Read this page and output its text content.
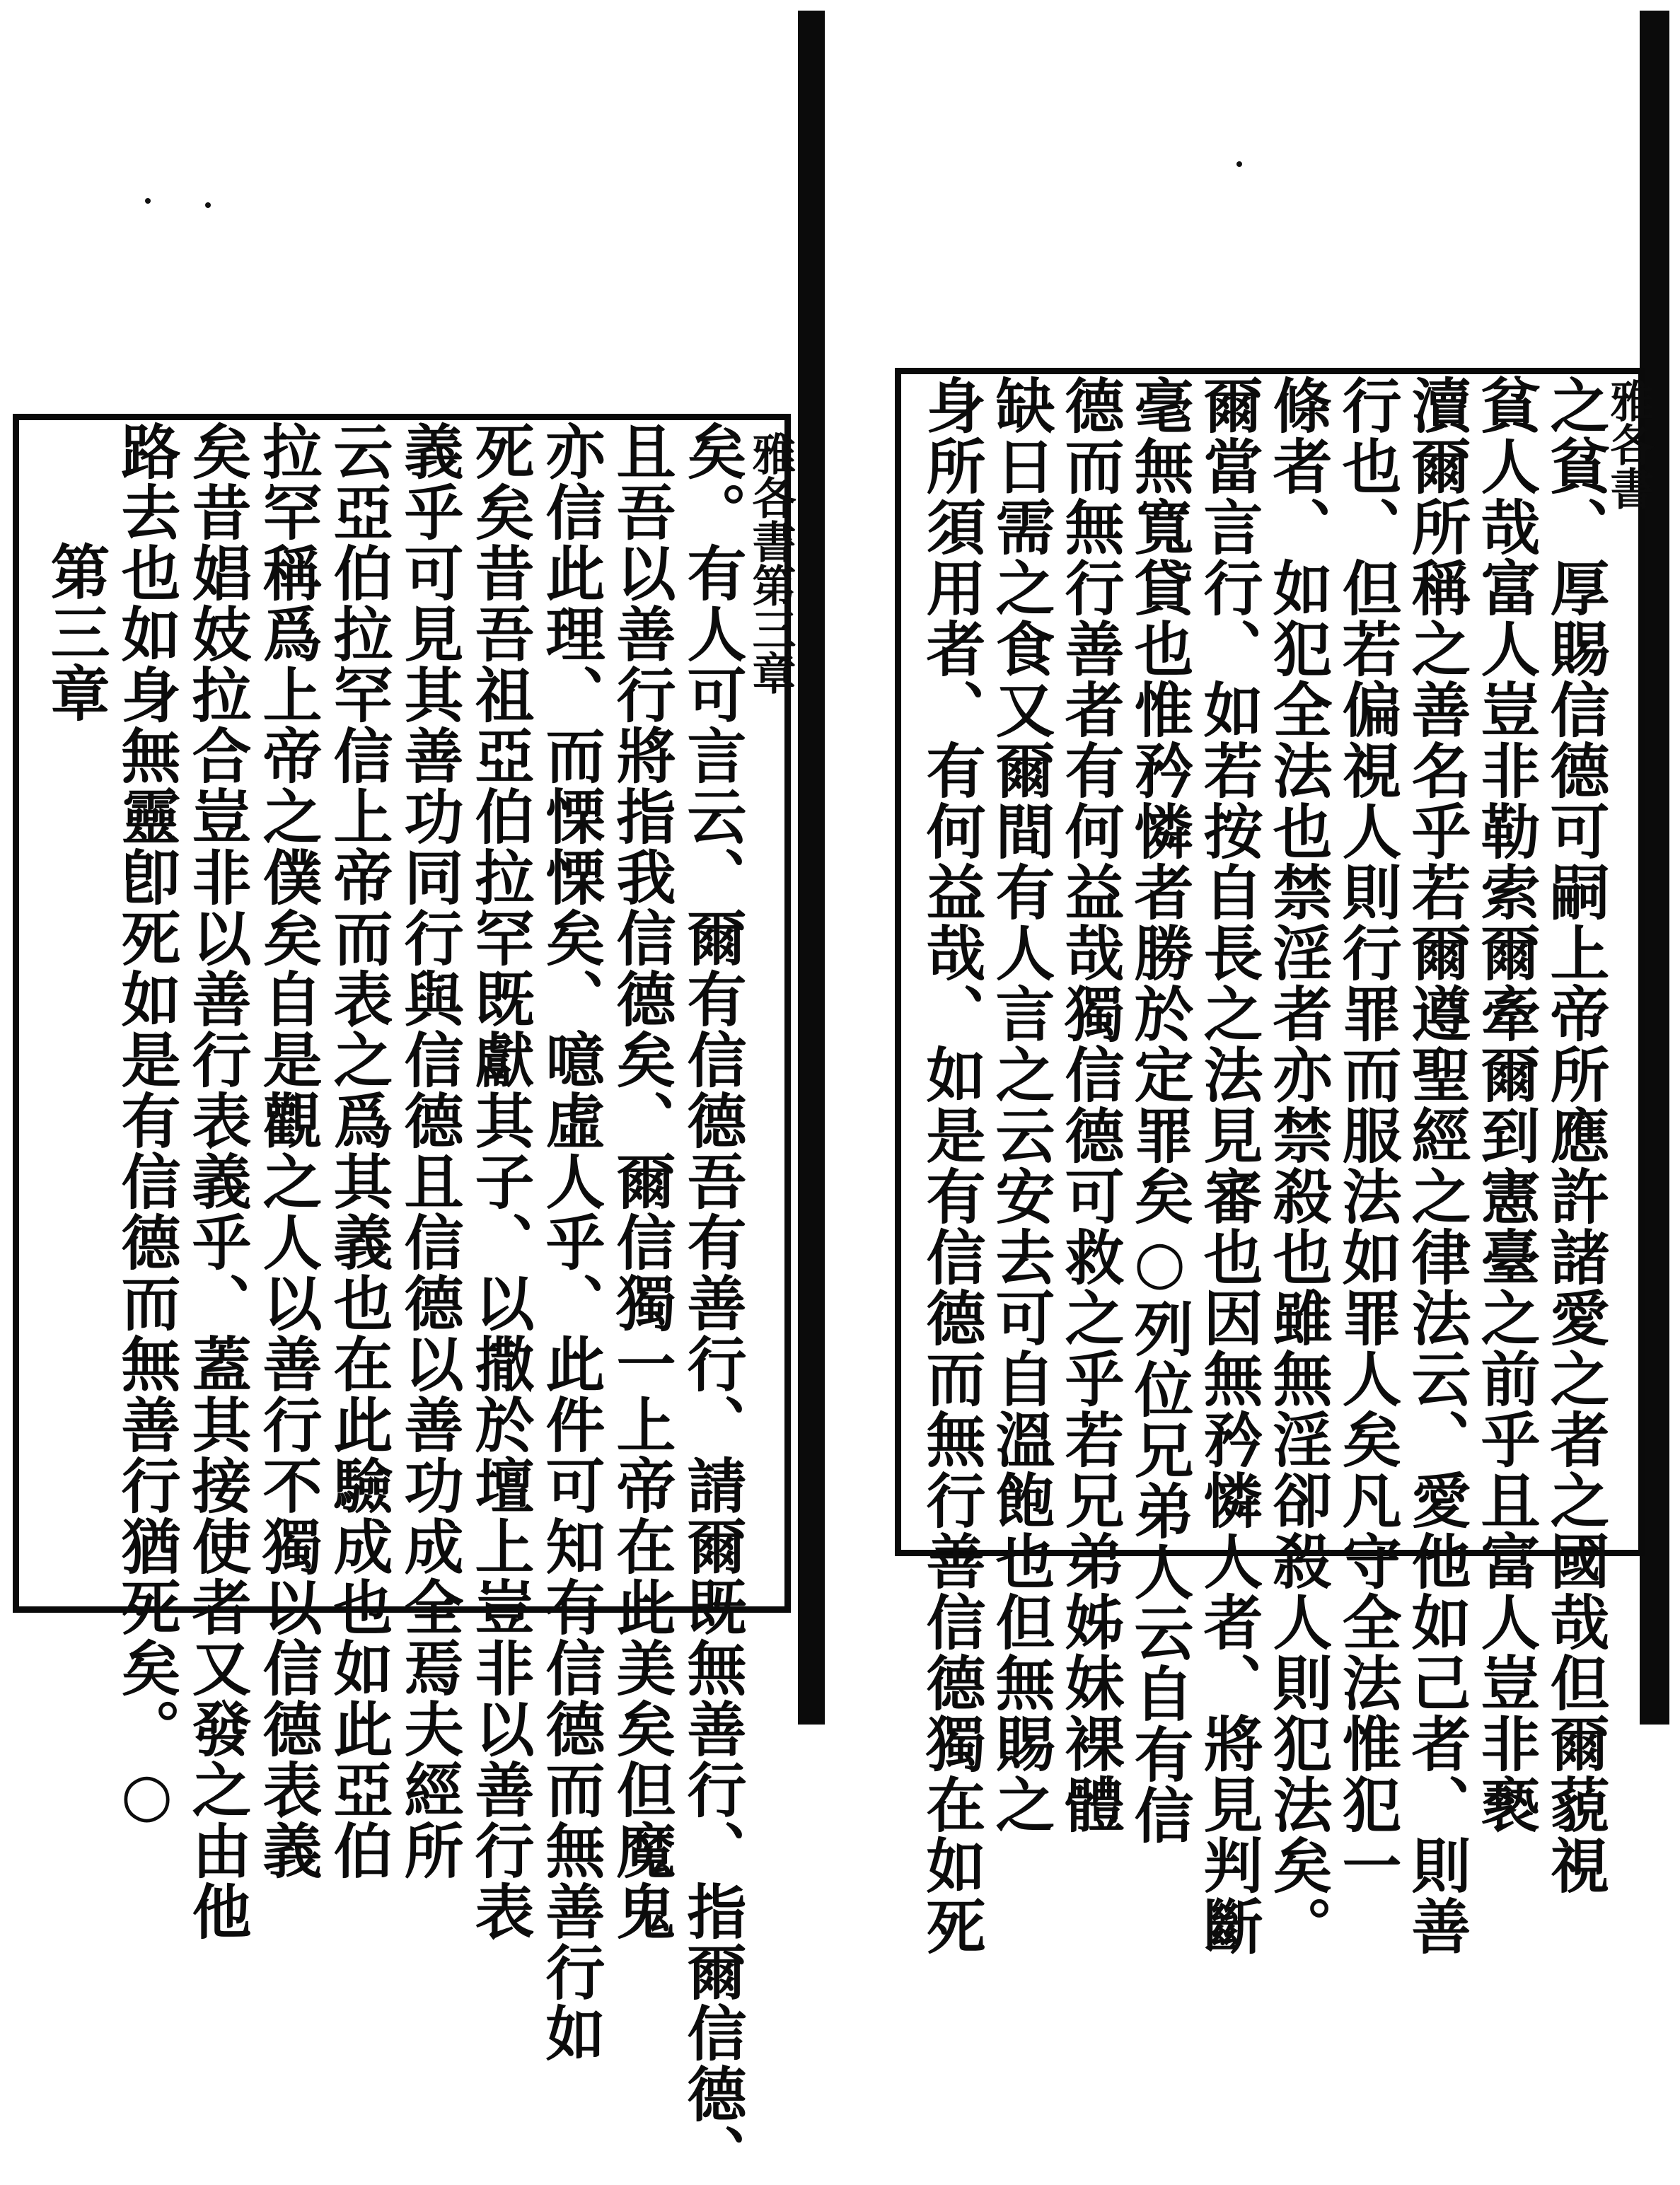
雅各書第三章
矣。有人可言云、爾有信德吾有善行、請爾既無善行、指爾信德、
且吾以善行將指我信德矣、爾信獨一上帝在此美矣但魔鬼
亦信此理、而慄慄矣、噫虛人乎、此件可知有信德而無善行如
死矣昔吾祖亞伯拉罕既獻其子、以撒於壇上豈非以善行表
義乎可見其善功同行與信德且信德以善功成全焉夫經所
云亞伯拉罕信上帝而表之爲其義也在此驗成也如此亞伯
拉罕稱爲上帝之僕矣自是觀之人以善行不獨以信德表義
矣昔娼妓拉合豈非以善行表義乎、蓋其接使者又發之由他
路去也如身無靈卽死如是有信德而無善行猶死矣。○
第三章
雅各書
之貧、厚賜信德可嗣上帝所應許諸愛之者之國哉但爾藐視
貧人哉富人豈非勒索爾牽爾到憲臺之前乎且富人豈非褻
瀆爾所稱之善名乎若爾遵聖經之律法云、愛他如己者、則善
行也、但若偏視人則行罪而服法如罪人矣凡守全法惟犯一
條者、如犯全法也禁淫者亦禁殺也雖無淫卻殺人則犯法矣。
爾當言行、如若按自長之法見審也因無矜憐人者、將見判斷
毫無寬貸也惟矜憐者勝於定罪矣○列位兄弟人云自有信
德而無行善者有何益哉獨信德可救之乎若兄弟姊妹裸體
缺日需之食又爾間有人言之云安去可自溫飽也但無賜之
身所須用者、有何益哉、如是有信德而無行善信德獨在如死
